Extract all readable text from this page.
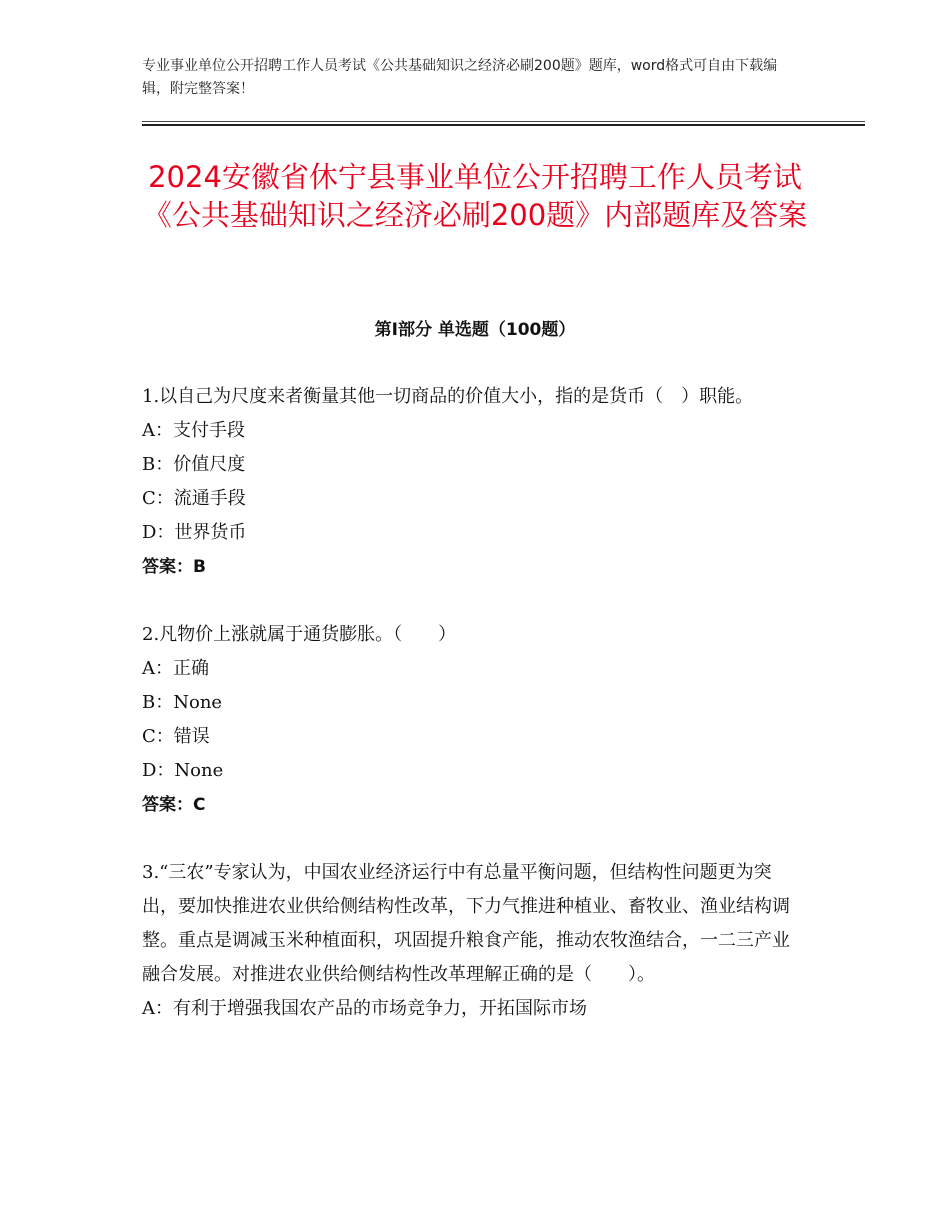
专业事业单位公开招聘工作人员考试《公共基础知识之经济必刷200题》题库，word格式可自由下载编辑，附完整答案！
2024安徽省休宁县事业单位公开招聘工作人员考试《公共基础知识之经济必刷200题》内部题库及答案
第Ⅰ部分 单选题（100题）

1.以自己为尺度来者衡量其他一切商品的价值大小，指的是货币（　）职能。

A：支付手段

B：价值尺度

C：流通手段

D：世界货币

答案：B

2.凡物价上涨就属于通货膨胀。（　　）

A：正确

B：None

C：错误

D：None

答案：C

3.“三农”专家认为，中国农业经济运行中有总量平衡问题，但结构性问题更为突出，要加快推进农业供给侧结构性改革，下力气推进种植业、畜牧业、渔业结构调整。重点是调减玉米种植面积，巩固提升粮食产能，推动农牧渔结合，一二三产业融合发展。对推进农业供给侧结构性改革理解正确的是（　　）。

A：有利于增强我国农产品的市场竞争力，开拓国际市场
